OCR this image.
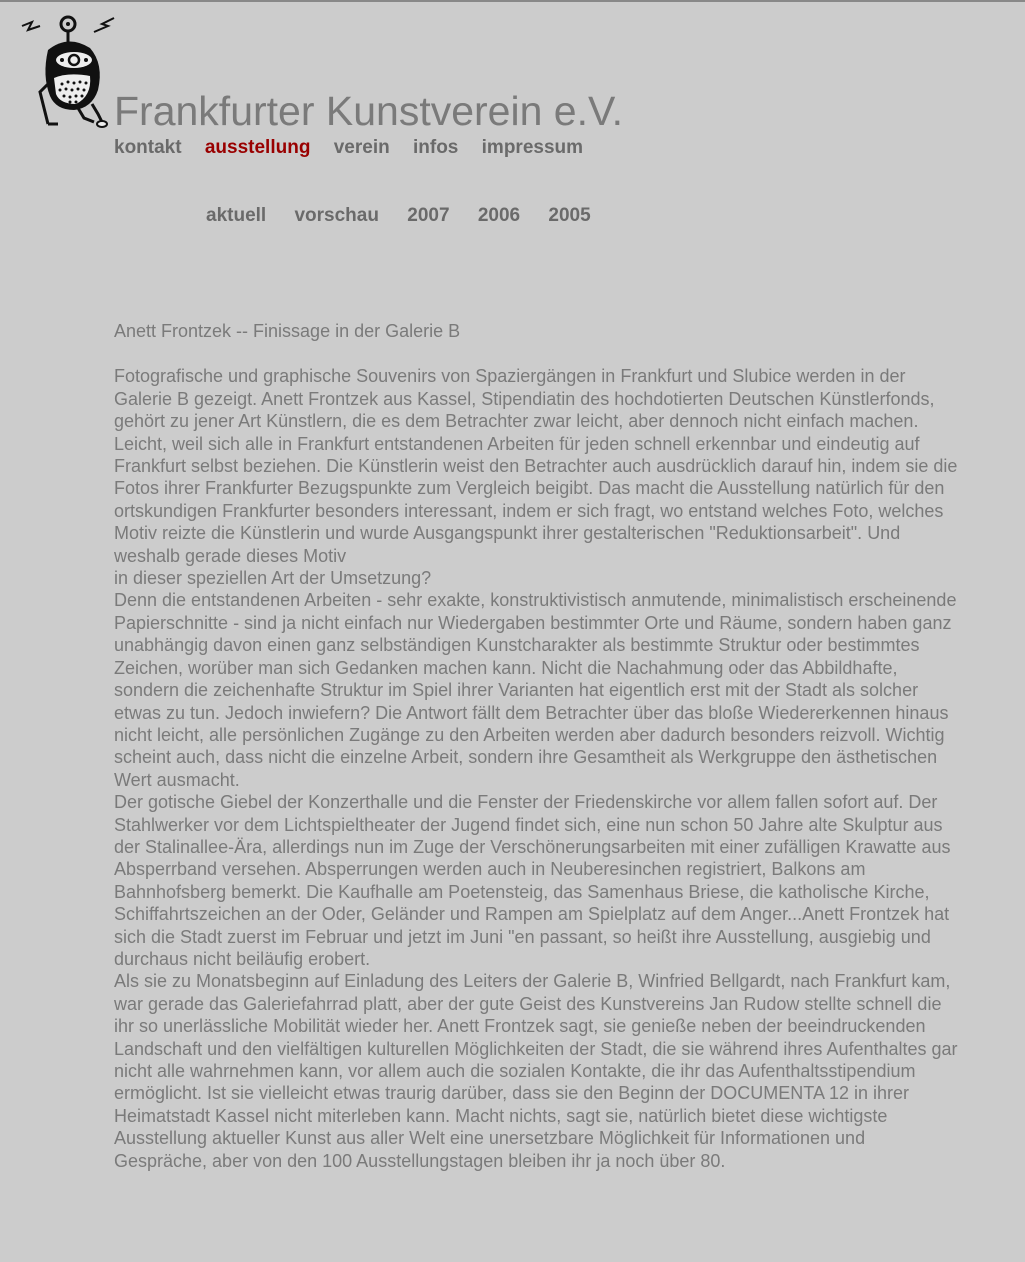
Frankfurter Kunstverein e.V.
kontakt ausstellung verein infos impressum
aktuell vorschau 2007 2006 2005

Anett Frontzek -- Finissage in der Galerie B

Fotografische und graphische Souvenirs von Spaziergängen in Frankfurt und Slubice werden in der Galerie B gezeigt. Anett Frontzek aus Kassel, Stipendiatin des hochdotierten Deutschen Künstlerfonds, gehört zu jener Art Künstlern, die es dem Betrachter zwar leicht, aber dennoch nicht einfach machen. Leicht, weil sich alle in Frankfurt entstandenen Arbeiten für jeden schnell erkennbar und eindeutig auf Frankfurt selbst beziehen. Die Künstlerin weist den Betrachter auch ausdrücklich darauf hin, indem sie die Fotos ihrer Frankfurter Bezugspunkte zum Vergleich beigibt. Das macht die Ausstellung natürlich für den ortskundigen Frankfurter besonders interessant, indem er sich fragt, wo entstand welches Foto, welches Motiv reizte die Künstlerin und wurde Ausgangspunkt ihrer gestalterischen "Reduktionsarbeit". Und weshalb gerade dieses Motiv

in dieser speziellen Art der Umsetzung?

Denn die entstandenen Arbeiten - sehr exakte, konstruktivistisch anmutende, minimalistisch erscheinende Papierschnitte - sind ja nicht einfach nur Wiedergaben bestimmter Orte und Räume, sondern haben ganz unabhängig davon einen ganz selbständigen Kunstcharakter als bestimmte Struktur oder bestimmtes Zeichen, worüber man sich Gedanken machen kann. Nicht die Nachahmung oder das Abbildhafte, sondern die zeichenhafte Struktur im Spiel ihrer Varianten hat eigentlich erst mit der Stadt als solcher etwas zu tun. Jedoch inwiefern? Die Antwort fällt dem Betrachter über das bloße Wiedererkennen hinaus nicht leicht, alle persönlichen Zugänge zu den Arbeiten werden aber dadurch besonders reizvoll. Wichtig scheint auch, dass nicht die einzelne Arbeit, sondern ihre Gesamtheit als Werkgruppe den ästhetischen Wert ausmacht.

Der gotische Giebel der Konzerthalle und die Fenster der Friedenskirche vor allem fallen sofort auf. Der Stahlwerker vor dem Lichtspieltheater der Jugend findet sich, eine nun schon 50 Jahre alte Skulptur aus der Stalinallee-Ära, allerdings nun im Zuge der Verschönerungsarbeiten mit einer zufälligen Krawatte aus Absperrband versehen. Absperrungen werden auch in Neuberesinchen registriert, Balkons am Bahnhofsberg bemerkt. Die Kaufhalle am Poetensteig, das Samenhaus Briese, die katholische Kirche, Schiffahrtszeichen an der Oder, Geländer und Rampen am Spielplatz auf dem Anger...Anett Frontzek hat sich die Stadt zuerst im Februar und jetzt im Juni "en passant, so heißt ihre Ausstellung, ausgiebig und durchaus nicht beiläufig erobert.

Als sie zu Monatsbeginn auf Einladung des Leiters der Galerie B, Winfried Bellgardt, nach Frankfurt kam, war gerade das Galeriefahrrad platt, aber der gute Geist des Kunstvereins Jan Rudow stellte schnell die ihr so unerlässliche Mobilität wieder her. Anett Frontzek sagt, sie genieße neben der beeindruckenden Landschaft und den vielfältigen kulturellen Möglichkeiten der Stadt, die sie während ihres Aufenthaltes gar nicht alle wahrnehmen kann, vor allem auch die sozialen Kontakte, die ihr das Aufenthaltsstipendium ermöglicht. Ist sie vielleicht etwas traurig darüber, dass sie den Beginn der DOCUMENTA 12 in ihrer Heimatstadt Kassel nicht miterleben kann. Macht nichts, sagt sie, natürlich bietet diese wichtigste Ausstellung aktueller Kunst aus aller Welt eine unersetzbare Möglichkeit für Informationen und Gespräche, aber von den 100 Ausstellungstagen bleiben ihr ja noch über 80.
